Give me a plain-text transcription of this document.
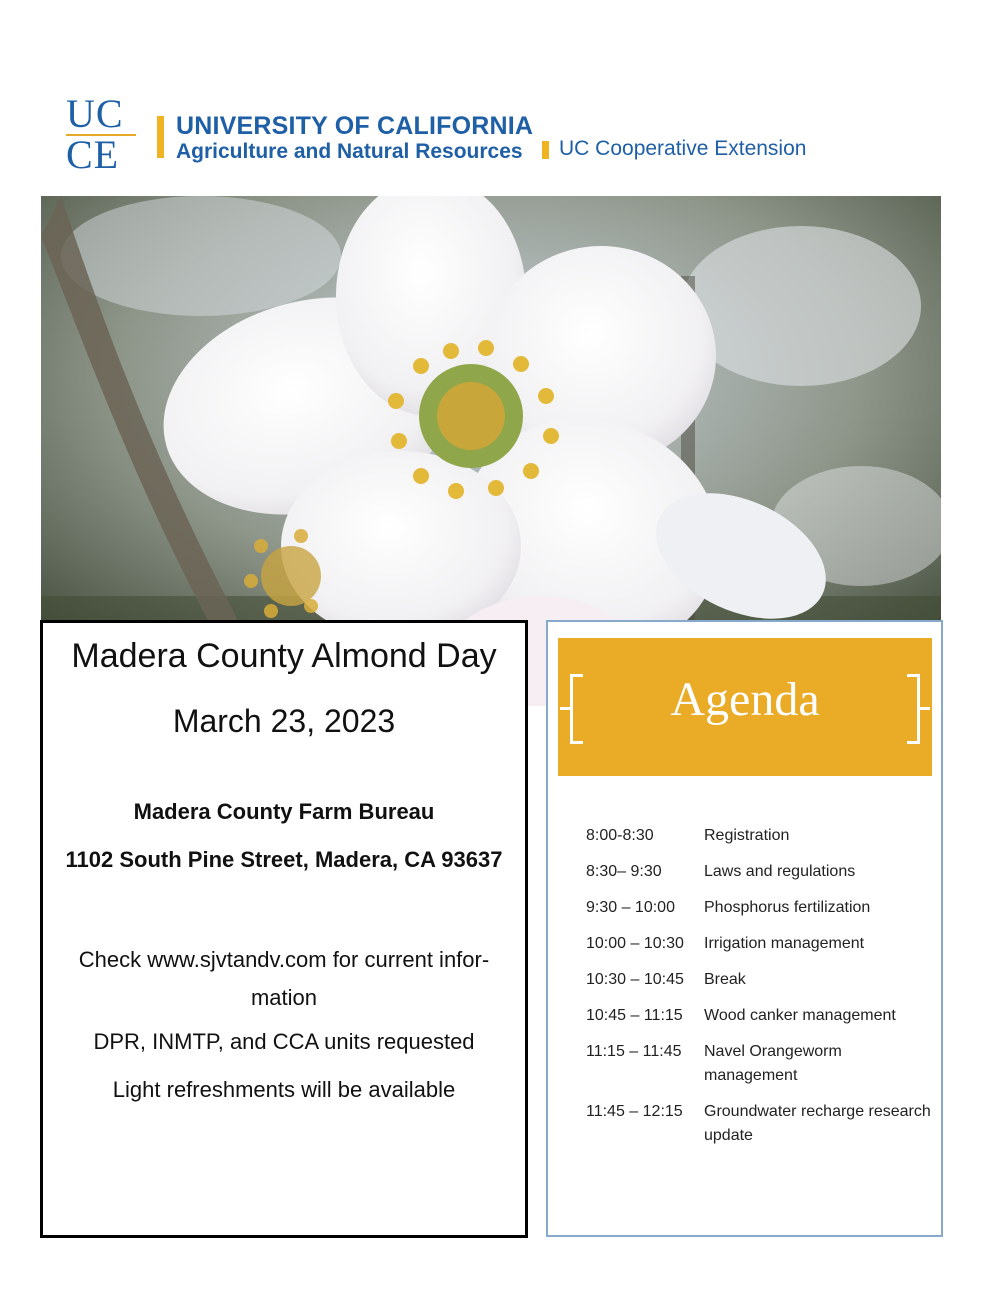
UC
CE
UNIVERSITY OF CALIFORNIA
Agriculture and Natural Resources	UC Cooperative Extension
Madera County Almond Day
March 23, 2023
Madera County Farm Bureau
1102 South Pine Street, Madera, CA 93637
Check www.sjvtandv.com for current infor-mation
DPR, INMTP, and CCA units requested
Light refreshments will be available
Agenda
8:00-8:30	Registration
8:30– 9:30	Laws and regulations
9:30 – 10:00	Phosphorus fertilization
10:00 – 10:30	Irrigation management
10:30 – 10:45	Break
10:45 – 11:15	Wood canker management
11:15 – 11:45	Navel Orangeworm management
11:45 – 12:15	Groundwater recharge research update
